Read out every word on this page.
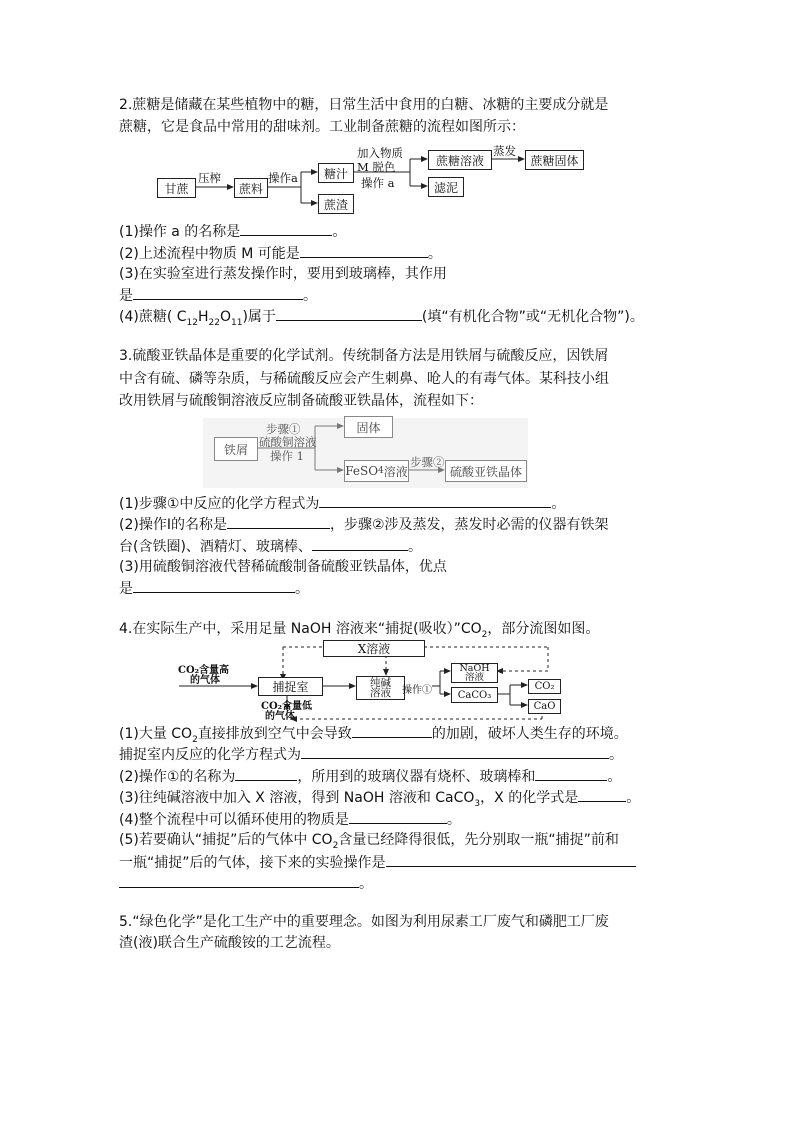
2.蔗糖是储藏在某些植物中的糖，日常生活中食用的白糖、冰糖的主要成分就是
蔗糖，它是食品中常用的甜味剂。工业制备蔗糖的流程如图所示：
甘蔗
压榨
蔗料
操作a	糖汁
蔗渣
加入物质
M 脱色
操作 a
蔗糖溶液
蒸发
蔗糖固体
滤泥
(1)操作 a 的名称是	。
(2)上述流程中物质 M 可能是	。
(3)在实验室进行蒸发操作时，要用到玻璃棒，其作用
是	。
(4)蔗糖( $C_{12}H_{22}O_{11}$)属于	(填“有机化合物”或“无机化合物”)。
3.硫酸亚铁晶体是重要的化学试剂。传统制备方法是用铁屑与硫酸反应，因铁屑
中含有硫、磷等杂质，与稀硫酸反应会产生刺鼻、呛人的有毒气体。某科技小组
改用铁屑与硫酸铜溶液反应制备硫酸亚铁晶体，流程如下：
铁屑
步骤①
硫酸铜溶液
操作 1
固体
FeSO 4 溶液
步骤②
硫酸亚铁晶体
(1)步骤①中反应的化学方程式为	。
(2)操作Ⅰ的名称是	，步骤②涉及蒸发，蒸发时必需的仪器有铁架
台(含铁圈)、酒精灯、玻璃棒、	。
(3)用硫酸铜溶液代替稀硫酸制备硫酸亚铁晶体，优点
是	。
4.在实际生产中，采用足量 NaOH 溶液来“捕捉(吸收）$”CO_2$，部分流图如图。
X溶液
CO₂含量高
的气体	捕捉室	纯碱
溶液 操作①
NaOH
溶液
CaCO₃
CO₂
CaO
CO₂含量低
的气体
(1)大量 $CO_2$直接排放到空气中会导致	的加剧，破坏人类生存的环境。
捕捉室内反应的化学方程式为	。
(2)操作①的名称为	，所用到的玻璃仪器有烧杯、玻璃棒和	。
(3)往纯碱溶液中加入 X 溶液，得到 NaOH 溶液和 CaCO$_3$，X 的化学式是	。
(4)整个流程中可以循环使用的物质是	。
(5)若要确认“捕捉”后的气体中 $CO_2$含量已经降得很低，先分别取一瓶“捕捉”前和
一瓶“捕捉”后的气体，接下来的实验操作是
。
5.“绿色化学”是化工生产中的重要理念。如图为利用尿素工厂废气和磷肥工厂废
渣(液)联合生产硫酸铵的工艺流程。
